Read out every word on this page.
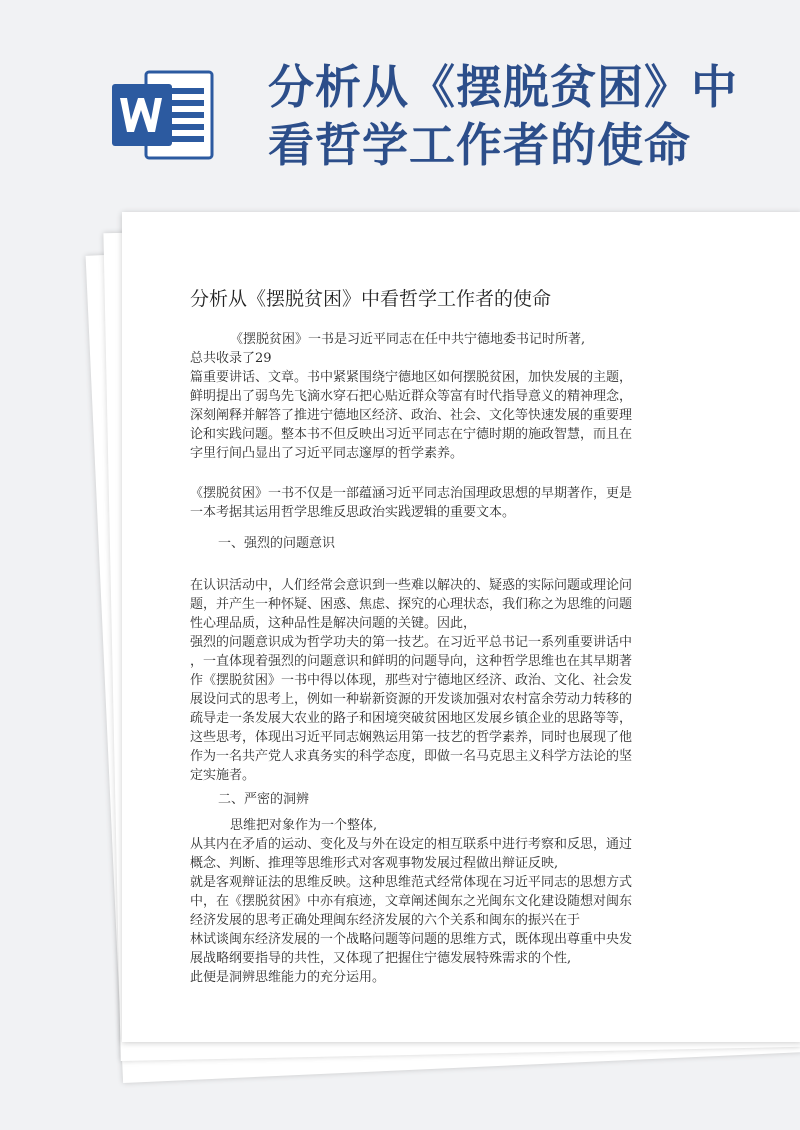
分析从《摆脱贫困》中
看哲学工作者的使命
分析从《摆脱贫困》中看哲学工作者的使命
《摆脱贫困》一书是习近平同志在任中共宁德地委书记时所著,
总共收录了29
篇重要讲话、文章。书中紧紧围绕宁德地区如何摆脱贫困，加快发展的主题，
鲜明提出了弱鸟先飞滴水穿石把心贴近群众等富有时代指导意义的精神理念，
深刻阐释并解答了推进宁德地区经济、政治、社会、文化等快速发展的重要理
论和实践问题。整本书不但反映出习近平同志在宁德时期的施政智慧，而且在
字里行间凸显出了习近平同志邃厚的哲学素养。
《摆脱贫困》一书不仅是一部蕴涵习近平同志治国理政思想的早期著作，更是
一本考据其运用哲学思维反思政治实践逻辑的重要文本。
一、强烈的问题意识
在认识活动中，人们经常会意识到一些难以解决的、疑惑的实际问题或理论问
题，并产生一种怀疑、困惑、焦虑、探究的心理状态，我们称之为思维的问题
性心理品质，这种品性是解决问题的关键。因此，
强烈的问题意识成为哲学功夫的第一技艺。在习近平总书记一系列重要讲话中
，一直体现着强烈的问题意识和鲜明的问题导向，这种哲学思维也在其早期著
作《摆脱贫困》一书中得以体现，那些对宁德地区经济、政治、文化、社会发
展设问式的思考上，例如一种崭新资源的开发谈加强对农村富余劳动力转移的
疏导走一条发展大农业的路子和困境突破贫困地区发展乡镇企业的思路等等，
这些思考，体现出习近平同志娴熟运用第一技艺的哲学素养，同时也展现了他
作为一名共产党人求真务实的科学态度，即做一名马克思主义科学方法论的坚
定实施者。
二、严密的洞辨
思维把对象作为一个整体,
从其内在矛盾的运动、变化及与外在设定的相互联系中进行考察和反思，通过
概念、判断、推理等思维形式对客观事物发展过程做出辩证反映,
就是客观辩证法的思维反映。这种思维范式经常体现在习近平同志的思想方式
中，在《摆脱贫困》中亦有痕迹，文章阐述闽东之光闽东文化建设随想对闽东
经济发展的思考正确处理闽东经济发展的六个关系和闽东的振兴在于
林试谈闽东经济发展的一个战略问题等问题的思维方式，既体现出尊重中央发
展战略纲要指导的共性，又体现了把握住宁德发展特殊需求的个性,
此便是洞辨思维能力的充分运用。
